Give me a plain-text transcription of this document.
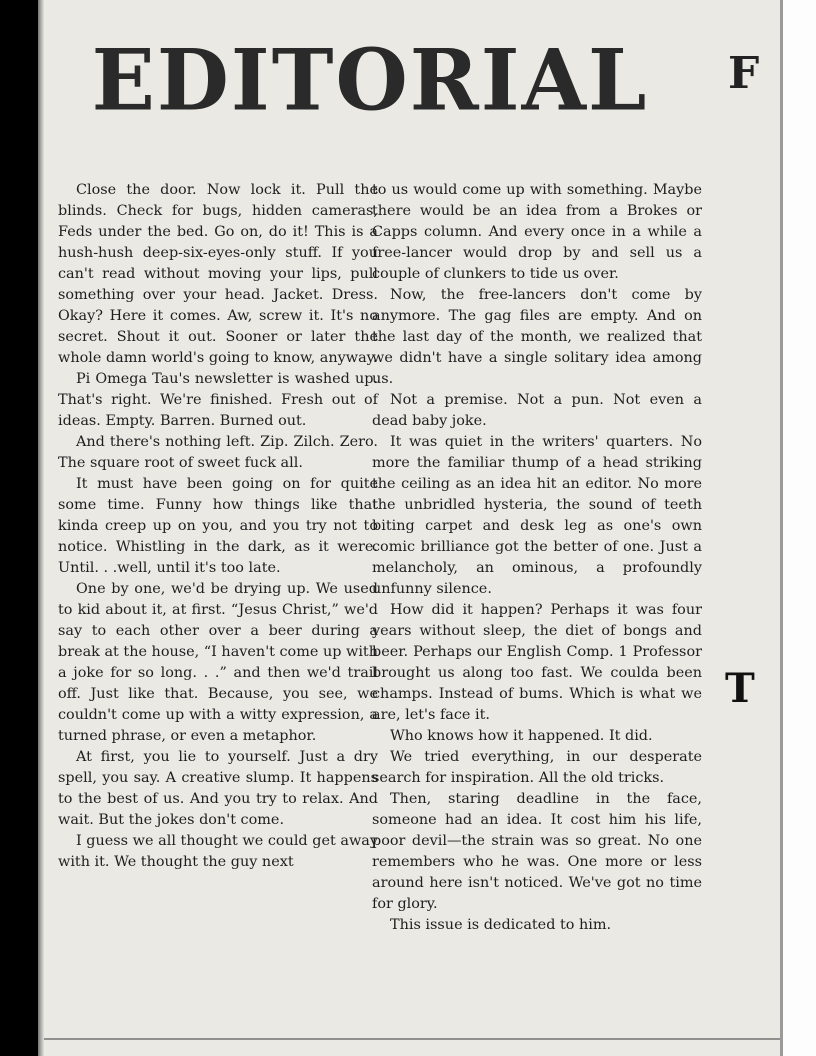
EDITORIAL F
T

Close the door. Now lock it. Pull the blinds. Check for bugs, hidden cameras, Feds under the bed. Go on, do it! This is a hush-hush deep-six-eyes-only stuff. If you can't read without moving your lips, pull something over your head. Jacket. Dress. Okay? Here it comes. Aw, screw it. It's no secret. Shout it out. Sooner or later the whole damn world's going to know, anyway.

Pi Omega Tau's newsletter is washed up. That's right. We're finished. Fresh out of ideas. Empty. Barren. Burned out.

And there's nothing left. Zip. Zilch. Zero. The square root of sweet fuck all.

It must have been going on for quite some time. Funny how things like that kinda creep up on you, and you try not to notice. Whistling in the dark, as it were. Until. . .well, until it's too late.

One by one, we'd be drying up. We used to kid about it, at first. “Jesus Christ,” we'd say to each other over a beer during a break at the house, “I haven't come up with a joke for so long. . .” and then we'd trail off. Just like that. Because, you see, we couldn't come up with a witty expression, a turned phrase, or even a metaphor.

At first, you lie to yourself. Just a dry spell, you say. A creative slump. It happens to the best of us. And you try to relax. And wait. But the jokes don't come.

I guess we all thought we could get away with it. We thought the guy next

to us would come up with something. Maybe there would be an idea from a Brokes or Capps column. And every once in a while a free-lancer would drop by and sell us a couple of clunkers to tide us over.

Now, the free-lancers don't come by anymore. The gag files are empty. And on the last day of the month, we realized that we didn't have a single solitary idea among us.

Not a premise. Not a pun. Not even a dead baby joke.

It was quiet in the writers' quarters. No more the familiar thump of a head striking the ceiling as an idea hit an editor. No more the unbridled hysteria, the sound of teeth biting carpet and desk leg as one's own comic brilliance got the better of one. Just a melancholy, an ominous, a profoundly unfunny silence.

How did it happen? Perhaps it was four years without sleep, the diet of bongs and beer. Perhaps our English Comp. 1 Professor brought us along too fast. We coulda been champs. Instead of bums. Which is what we are, let's face it.

Who knows how it happened. It did.

We tried everything, in our desperate search for inspiration. All the old tricks.

Then, staring deadline in the face, someone had an idea. It cost him his life, poor devil—the strain was so great. No one remembers who he was. One more or less around here isn't noticed. We've got no time for glory.

This issue is dedicated to him.
